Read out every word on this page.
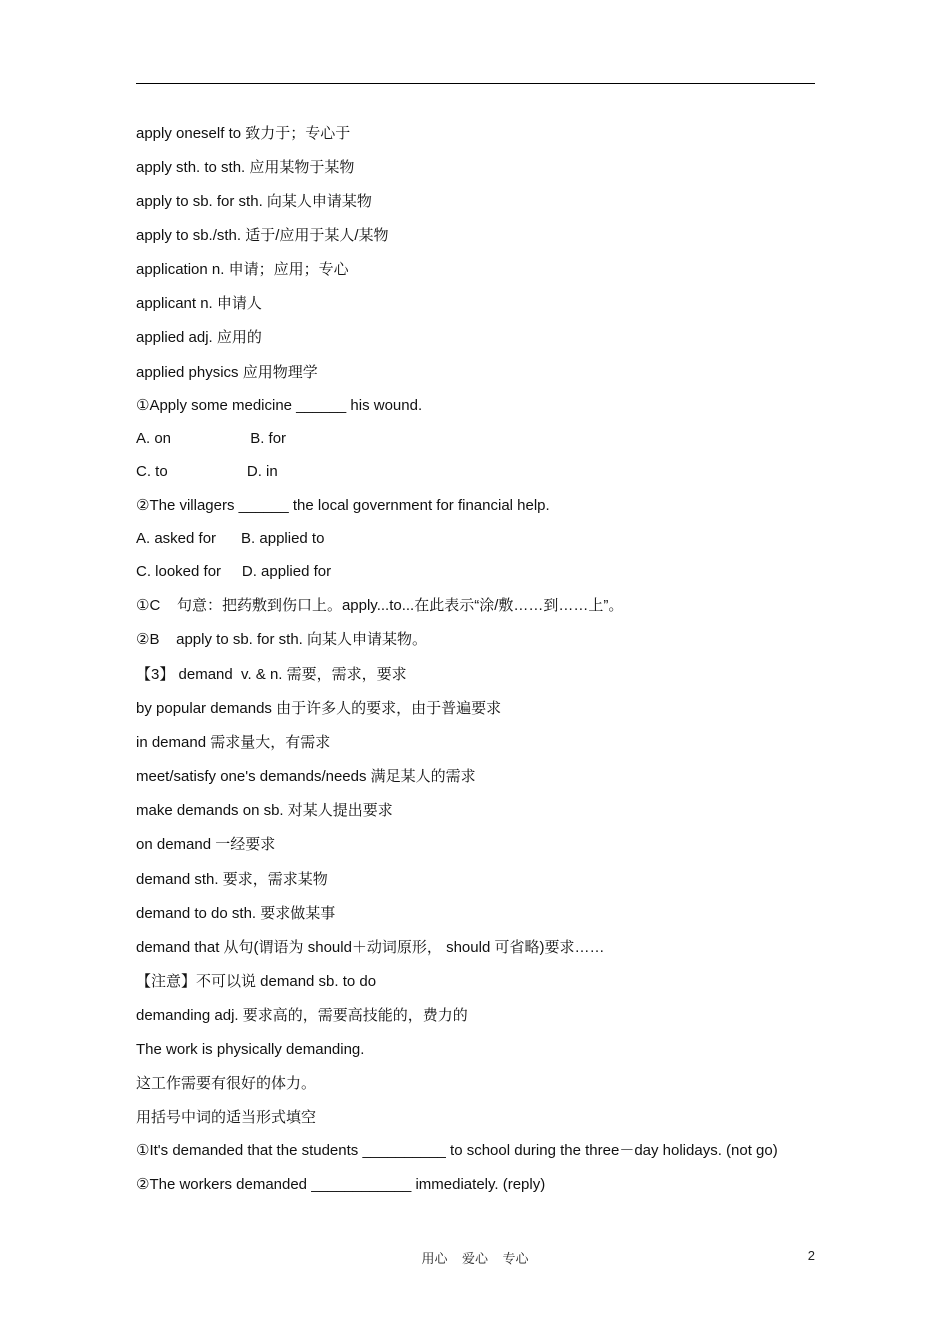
apply oneself to 致力于；专心于

apply sth. to sth. 应用某物于某物

apply to sb. for sth. 向某人申请某物

apply to sb./sth. 适于/应用于某人/某物

application n. 申请；应用；专心

applicant n. 申请人

applied adj. 应用的

applied physics 应用物理学

①Apply some medicine ______ his wound.

A. on                   B. for

C. to                   D. in

②The villagers ______ the local government for financial help.

A. asked for      B. applied to

C. looked for     D. applied for

①C    句意：把药敷到伤口上。apply...to...在此表示“涂/敷……到……上”。

②B    apply to sb. for sth. 向某人申请某物。

【3】 demand  v. & n. 需要，需求，要求

by popular demands 由于许多人的要求，由于普遍要求

in demand 需求量大，有需求

meet/satisfy one's demands/needs 满足某人的需求

make demands on sb. 对某人提出要求

on demand 一经要求

demand sth. 要求，需求某物

demand to do sth. 要求做某事

demand that 从句(谓语为 should＋动词原形， should 可省略)要求……

【注意】不可以说 demand sb. to do

demanding adj. 要求高的，需要高技能的，费力的

The work is physically demanding.

这工作需要有很好的体力。

用括号中词的适当形式填空

①It's demanded that the students __________ to school during the three－day holidays. (not go)

②The workers demanded ____________ immediately. (reply)

用心    爱心    专心	2
